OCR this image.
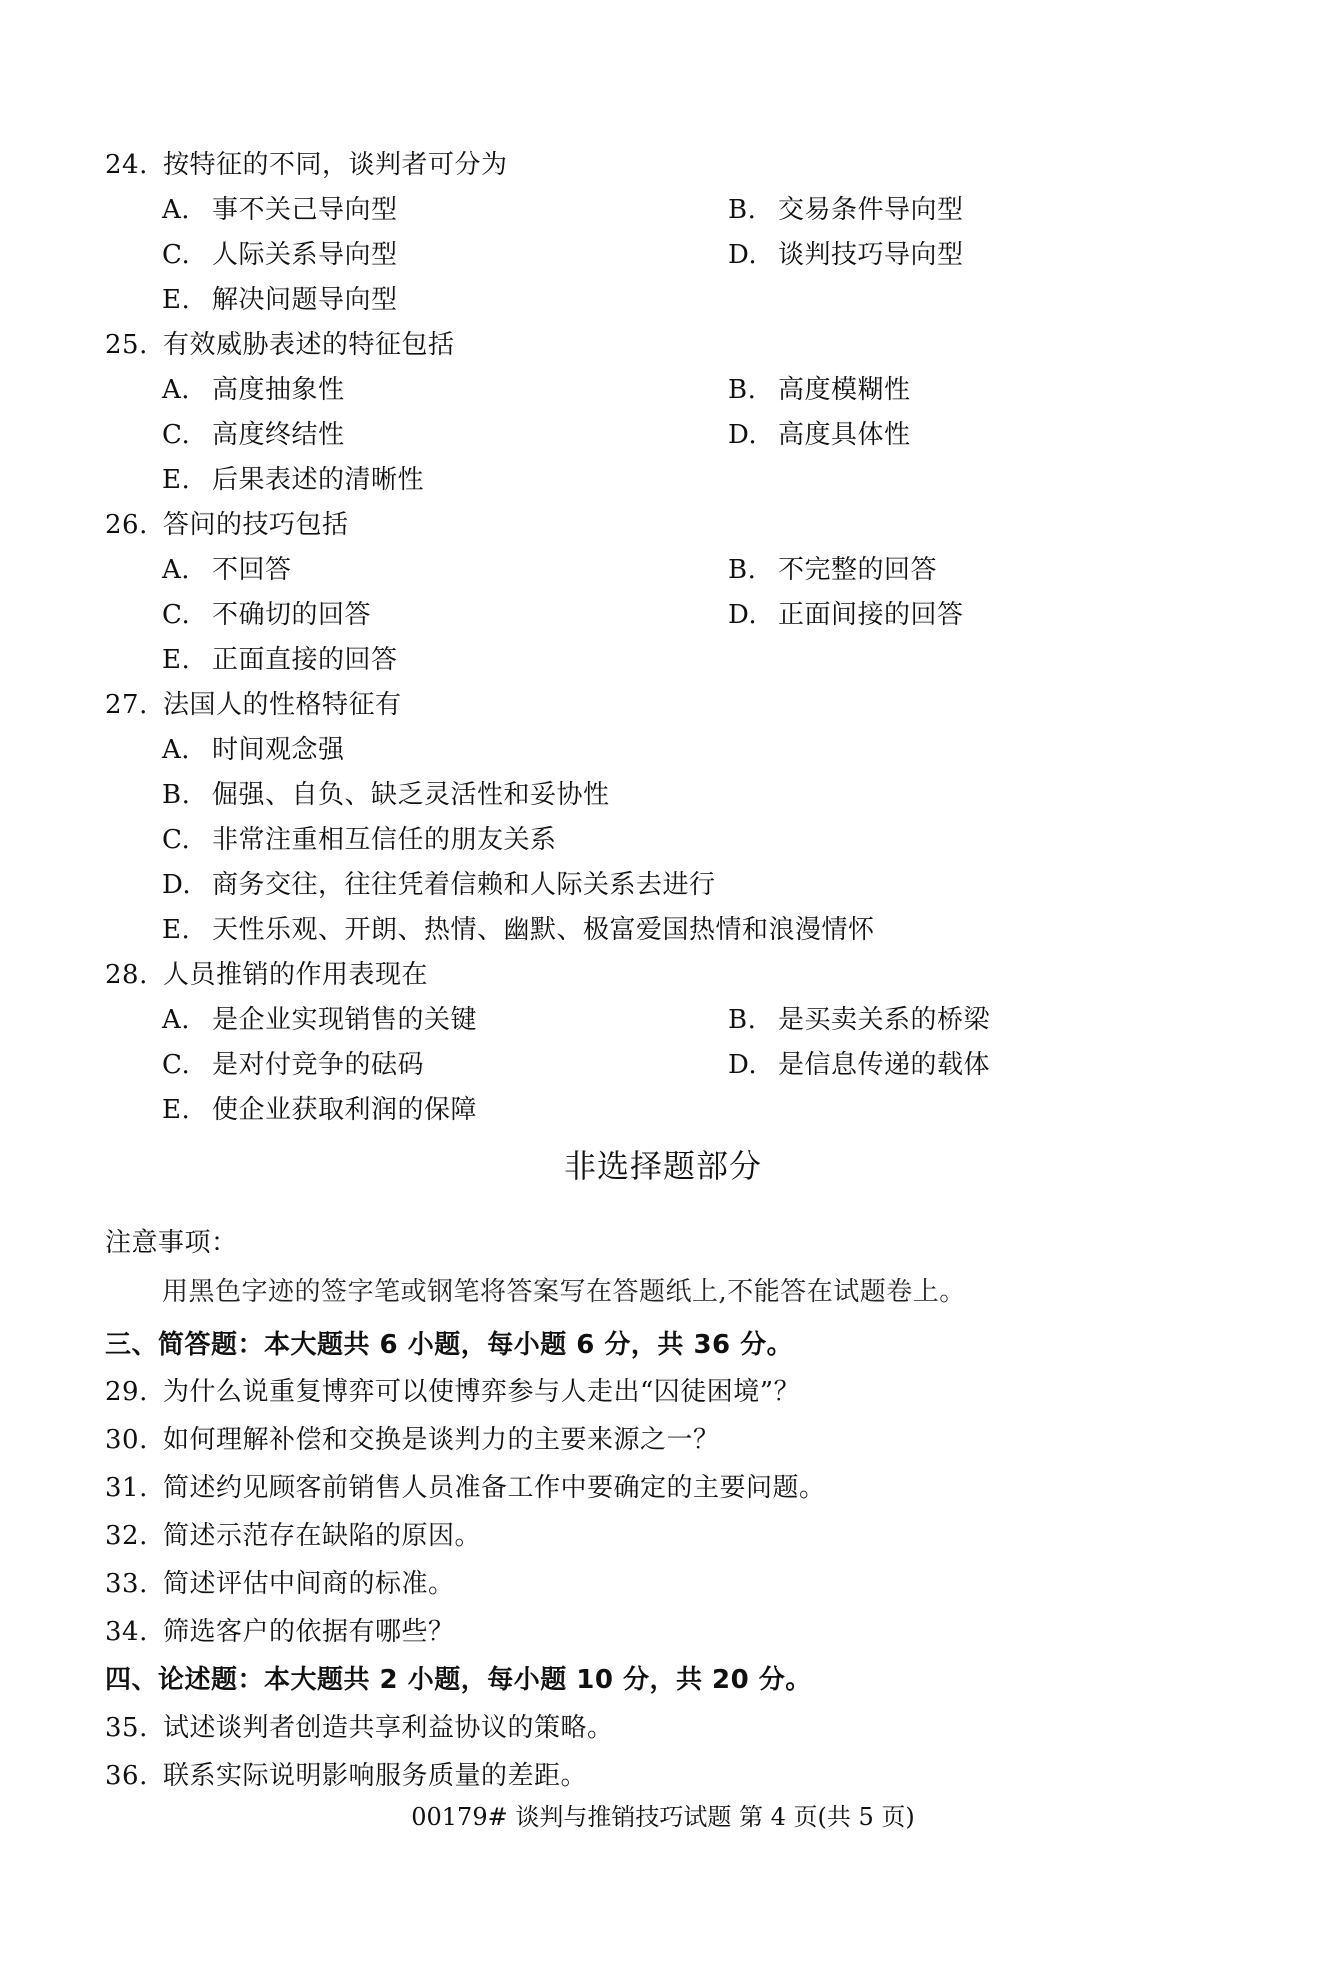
24. 按特征的不同，谈判者可分为
A. 事不关己导向型	B. 交易条件导向型
C. 人际关系导向型	D. 谈判技巧导向型
E. 解决问题导向型
25. 有效威胁表述的特征包括
A. 高度抽象性	B. 高度模糊性
C. 高度终结性	D. 高度具体性
E. 后果表述的清晰性
26. 答问的技巧包括
A. 不回答	B. 不完整的回答
C. 不确切的回答	D. 正面间接的回答
E. 正面直接的回答
27. 法国人的性格特征有
A. 时间观念强
B. 倔强、自负、缺乏灵活性和妥协性
C. 非常注重相互信任的朋友关系
D. 商务交往，往往凭着信赖和人际关系去进行
E. 天性乐观、开朗、热情、幽默、极富爱国热情和浪漫情怀
28. 人员推销的作用表现在
A. 是企业实现销售的关键	B. 是买卖关系的桥梁
C. 是对付竞争的砝码	D. 是信息传递的载体
E. 使企业获取利润的保障
非选择题部分
注意事项：
用黑色字迹的签字笔或钢笔将答案写在答题纸上,不能答在试题卷上。
三、简答题：本大题共 6 小题，每小题 6 分，共 36 分。
29. 为什么说重复博弈可以使博弈参与人走出“囚徒困境”？
30. 如何理解补偿和交换是谈判力的主要来源之一？
31. 简述约见顾客前销售人员准备工作中要确定的主要问题。
32. 简述示范存在缺陷的原因。
33. 简述评估中间商的标准。
34. 筛选客户的依据有哪些？
四、论述题：本大题共 2 小题，每小题 10 分，共 20 分。
35. 试述谈判者创造共享利益协议的策略。
36. 联系实际说明影响服务质量的差距。
00179# 谈判与推销技巧试题 第 4 页(共 5 页)
